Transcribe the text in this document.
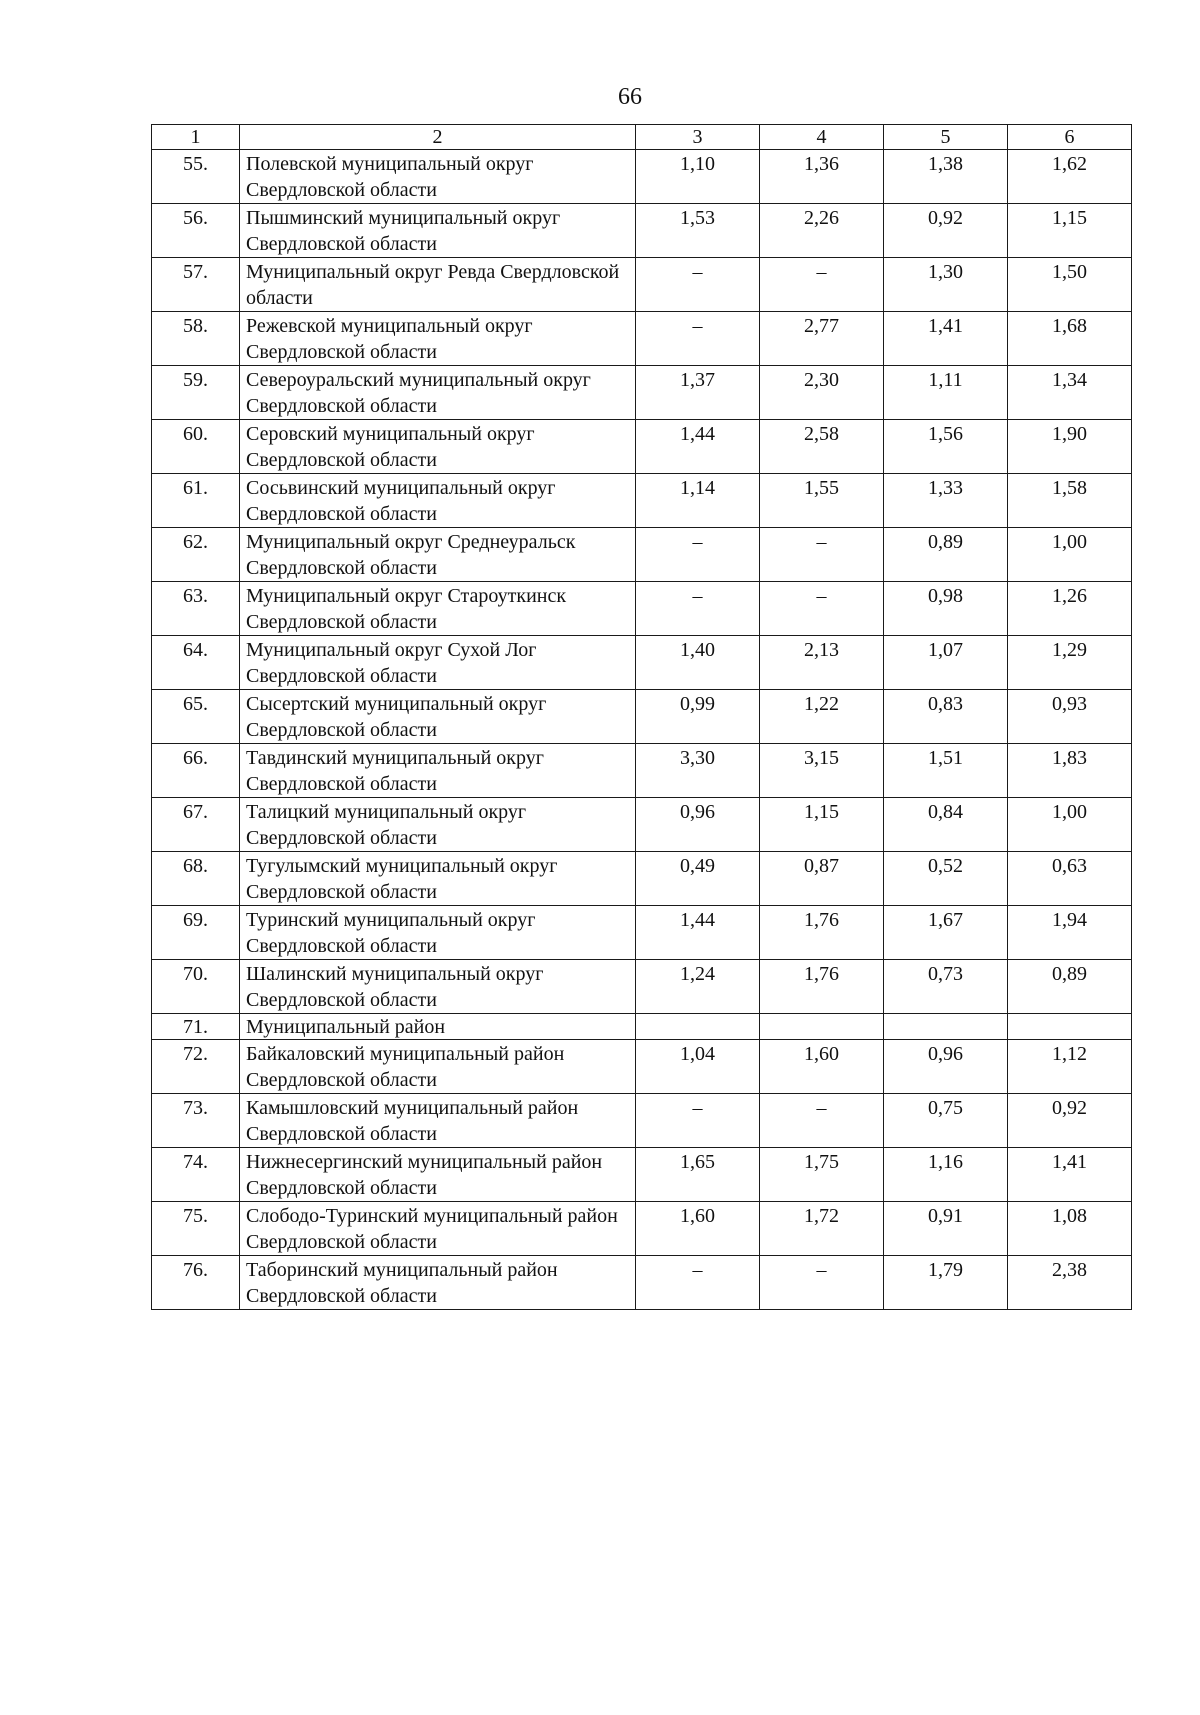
66
1	2	3	4	5	6
55.	Полевской муниципальный округ Свердловской области	1,10	1,36	1,38	1,62
56.	Пышминский муниципальный округ Свердловской области	1,53	2,26	0,92	1,15
57.	Муниципальный округ Ревда Свердловской области	–	–	1,30	1,50
58.	Режевской муниципальный округ Свердловской области	–	2,77	1,41	1,68
59.	Североуральский муниципальный округ Свердловской области	1,37	2,30	1,11	1,34
60.	Серовский муниципальный округ Свердловской области	1,44	2,58	1,56	1,90
61.	Сосьвинский муниципальный округ Свердловской области	1,14	1,55	1,33	1,58
62.	Муниципальный округ Среднеуральск Свердловской области	–	–	0,89	1,00
63.	Муниципальный округ Староуткинск Свердловской области	–	–	0,98	1,26
64.	Муниципальный округ Сухой Лог Свердловской области	1,40	2,13	1,07	1,29
65.	Сысертский муниципальный округ Свердловской области	0,99	1,22	0,83	0,93
66.	Тавдинский муниципальный округ Свердловской области	3,30	3,15	1,51	1,83
67.	Талицкий муниципальный округ Свердловской области	0,96	1,15	0,84	1,00
68.	Тугулымский муниципальный округ Свердловской области	0,49	0,87	0,52	0,63
69.	Туринский муниципальный округ Свердловской области	1,44	1,76	1,67	1,94
70.	Шалинский муниципальный округ Свердловской области	1,24	1,76	0,73	0,89
71.	Муниципальный район				
72.	Байкаловский муниципальный район Свердловской области	1,04	1,60	0,96	1,12
73.	Камышловский муниципальный район Свердловской области	–	–	0,75	0,92
74.	Нижнесергинский муниципальный район Свердловской области	1,65	1,75	1,16	1,41
75.	Слободо-Туринский муниципальный район Свердловской области	1,60	1,72	0,91	1,08
76.	Таборинский муниципальный район Свердловской области	–	–	1,79	2,38
